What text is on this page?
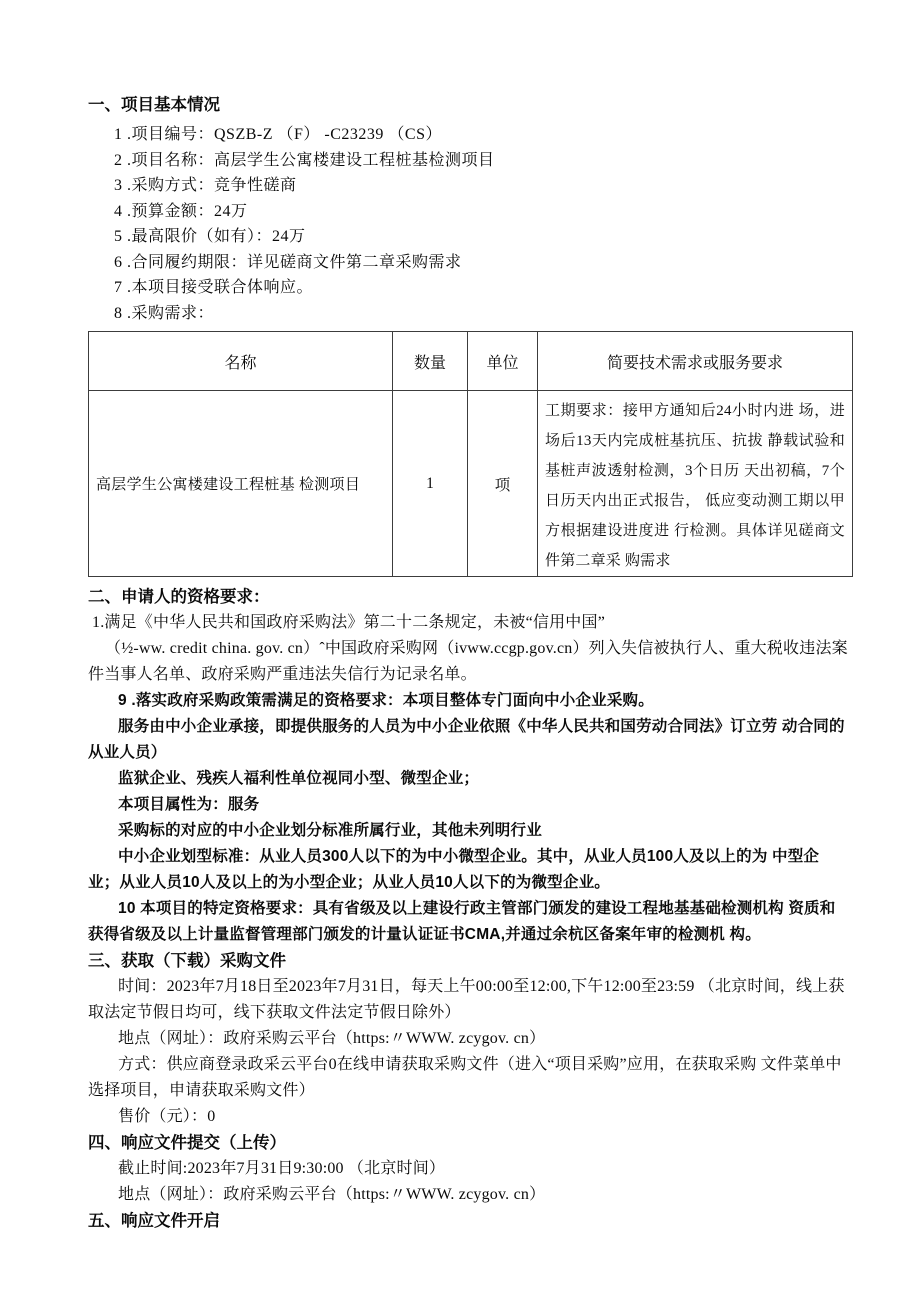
一、项目基本情况
1 .项目编号：QSZB-Z （F） -C23239 （CS）
2 .项目名称：高层学生公寓楼建设工程桩基检测项目
3 .采购方式：竞争性磋商
4 .预算金额：24万
5 .最高限价（如有）：24万
6 .合同履约期限：详见磋商文件第二章采购需求
7 .本项目接受联合体响应。
8 .采购需求：
名称	数量	单位	简要技术需求或服务要求
高层学生公寓楼建设工程桩基 检测项目	1	项	工期要求：接甲方通知后24小时内进 场，进场后13天内完成桩基抗压、抗拔 静载试验和基桩声波透射检测，3个日历 天出初稿，7个日历天内出正式报告， 低应变动测工期以甲方根据建设进度进 行检测。具体详见磋商文件第二章采 购需求
二、申请人的资格要求：

1.满足《中华人民共和国政府采购法》第二十二条规定，未被“信用中国”

（½-ww. credit china. gov. cn）ˆ中国政府采购网（ivww.ccgp.gov.cn）列入失信被执行人、重大税收违法案件当事人名单、政府采购严重违法失信行为记录名单。

9 .落实政府采购政策需满足的资格要求：本项目整体专门面向中小企业采购。

服务由中小企业承接，即提供服务的人员为中小企业依照《中华人民共和国劳动合同法》订立劳 动合同的从业人员）

监狱企业、残疾人福利性单位视同小型、微型企业；

本项目属性为：服务

采购标的对应的中小企业划分标准所属行业，其他未列明行业

中小企业划型标准：从业人员300人以下的为中小微型企业。其中，从业人员100人及以上的为 中型企业；从业人员10人及以上的为小型企业；从业人员10人以下的为微型企业。

10 本项目的特定资格要求：具有省级及以上建设行政主管部门颁发的建设工程地基基础检测机构 资质和获得省级及以上计量监督管理部门颁发的计量认证证书CMA,并通过余杭区备案年审的检测机 构。

三、获取（下载）采购文件

时间：2023年7月18日至2023年7月31日，每天上午00:00至12:00,下午12:00至23:59 （北京时间，线上获取法定节假日均可，线下获取文件法定节假日除外）

地点（网址）：政府采购云平台（https:〃WWW. zcygov. cn）

方式：供应商登录政采云平台0在线申请获取采购文件（进入“项目采购”应用，在获取采购 文件菜单中选择项目，申请获取采购文件）

售价（元）：0

四、响应文件提交（上传）

截止时间:2023年7月31日9:30:00 （北京时间）

地点（网址）：政府采购云平台（https:〃WWW. zcygov. cn）

五、响应文件开启
